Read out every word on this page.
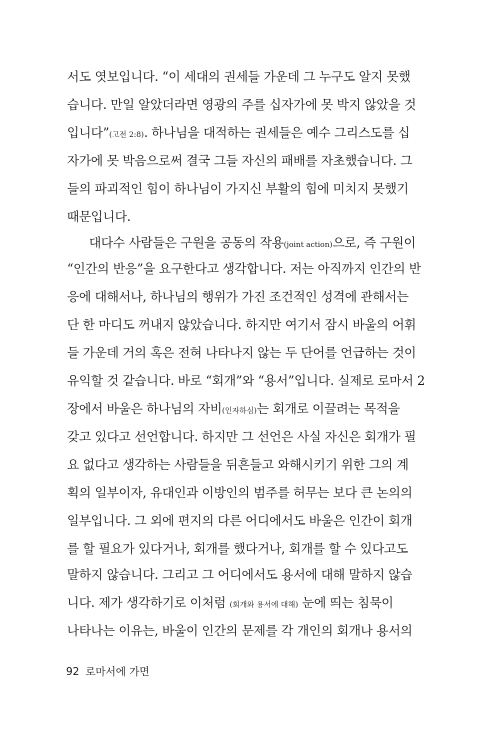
서도 엿보입니다. “이 세대의 권세들 가운데 그 누구도 알지 못했
습니다. 만일 알았더라면 영광의 주를 십자가에 못 박지 않았을 것
입니다”(고전 2:8). 하나님을 대적하는 권세들은 예수 그리스도를 십
자가에 못 박음으로써 결국 그들 자신의 패배를 자초했습니다. 그
들의 파괴적인 힘이 하나님이 가지신 부활의 힘에 미치지 못했기
때문입니다.
대다수 사람들은 구원을 공동의 작용(joint action)으로, 즉 구원이
“인간의 반응”을 요구한다고 생각합니다. 저는 아직까지 인간의 반
응에 대해서나, 하나님의 행위가 가진 조건적인 성격에 관해서는
단 한 마디도 꺼내지 않았습니다. 하지만 여기서 잠시 바울의 어휘
들 가운데 거의 혹은 전혀 나타나지 않는 두 단어를 언급하는 것이
유익할 것 같습니다. 바로 “회개”와 “용서”입니다. 실제로 로마서 2
장에서 바울은 하나님의 자비(인자하심)는 회개로 이끌려는 목적을
갖고 있다고 선언합니다. 하지만 그 선언은 사실 자신은 회개가 필
요 없다고 생각하는 사람들을 뒤흔들고 와해시키기 위한 그의 계
획의 일부이자, 유대인과 이방인의 범주를 허무는 보다 큰 논의의
일부입니다. 그 외에 편지의 다른 어디에서도 바울은 인간이 회개
를 할 필요가 있다거나, 회개를 했다거나, 회개를 할 수 있다고도
말하지 않습니다. 그리고 그 어디에서도 용서에 대해 말하지 않습
니다. 제가 생각하기로 이처럼 (회개와 용서에 대해) 눈에 띄는 침묵이
나타나는 이유는, 바울이 인간의 문제를 각 개인의 회개나 용서의
92 로마서에 가면
